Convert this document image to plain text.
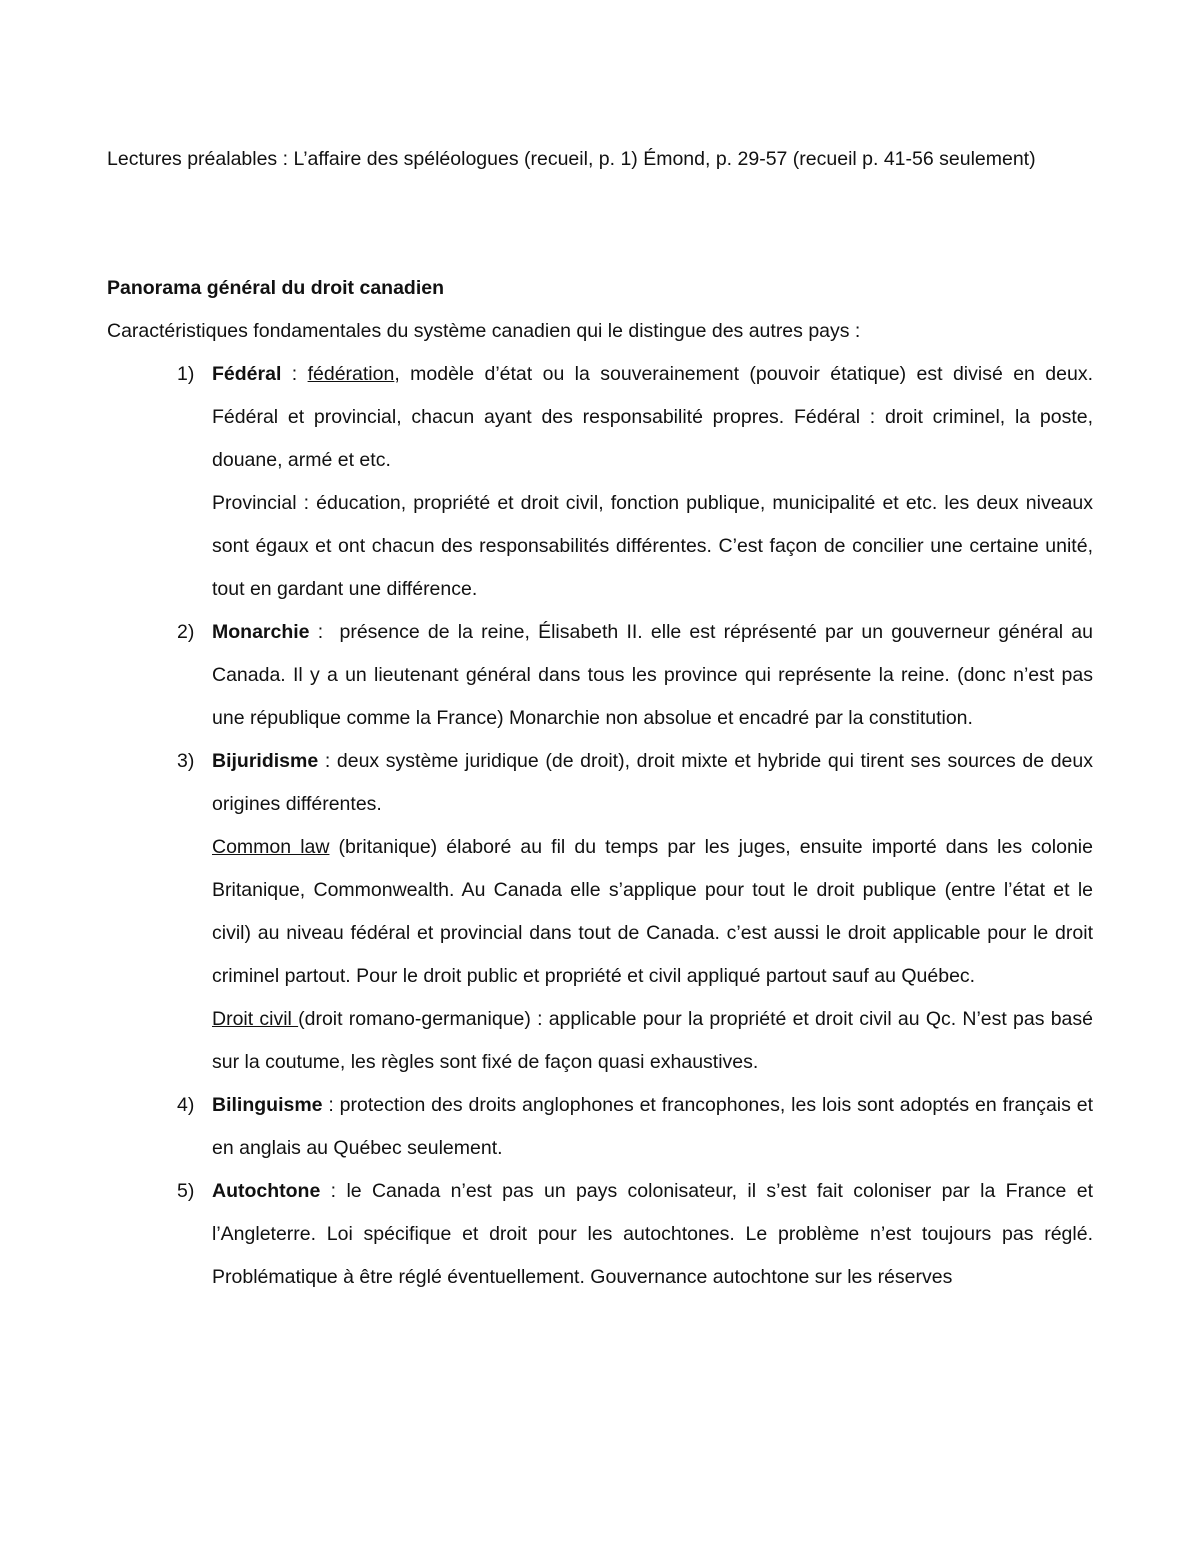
Lectures préalables : L’affaire des spéléologues (recueil, p. 1) Émond, p. 29-57 (recueil p. 41-56 seulement)

Panorama général du droit canadien

Caractéristiques fondamentales du système canadien qui le distingue des autres pays :

1) Fédéral : fédération, modèle d’état ou la souverainement (pouvoir étatique) est divisé en deux. Fédéral et provincial, chacun ayant des responsabilité propres. Fédéral : droit criminel, la poste, douane, armé et etc.

Provincial : éducation, propriété et droit civil, fonction publique, municipalité et etc. les deux niveaux sont égaux et ont chacun des responsabilités différentes. C’est façon de concilier une certaine unité, tout en gardant une différence.

2) Monarchie :  présence de la reine, Élisabeth II. elle est réprésenté par un gouverneur général au Canada. Il y a un lieutenant général dans tous les province qui représente la reine. (donc n’est pas une république comme la France) Monarchie non absolue et encadré par la constitution.

3) Bijuridisme : deux système juridique (de droit), droit mixte et hybride qui tirent ses sources de deux origines différentes.

Common law (britanique) élaboré au fil du temps par les juges, ensuite importé dans les colonie Britanique, Commonwealth. Au Canada elle s’applique pour tout le droit publique (entre l’état et le civil) au niveau fédéral et provincial dans tout de Canada. c’est aussi le droit applicable pour le droit criminel partout. Pour le droit public et propriété et civil appliqué partout sauf au Québec.

Droit civil (droit romano-germanique) : applicable pour la propriété et droit civil au Qc. N’est pas basé sur la coutume, les règles sont fixé de façon quasi exhaustives.

4) Bilinguisme : protection des droits anglophones et francophones, les lois sont adoptés en français et en anglais au Québec seulement.

5) Autochtone : le Canada n’est pas un pays colonisateur, il s’est fait coloniser par la France et l’Angleterre. Loi spécifique et droit pour les autochtones. Le problème n’est toujours pas réglé. Problématique à être réglé éventuellement. Gouvernance autochtone sur les réserves
